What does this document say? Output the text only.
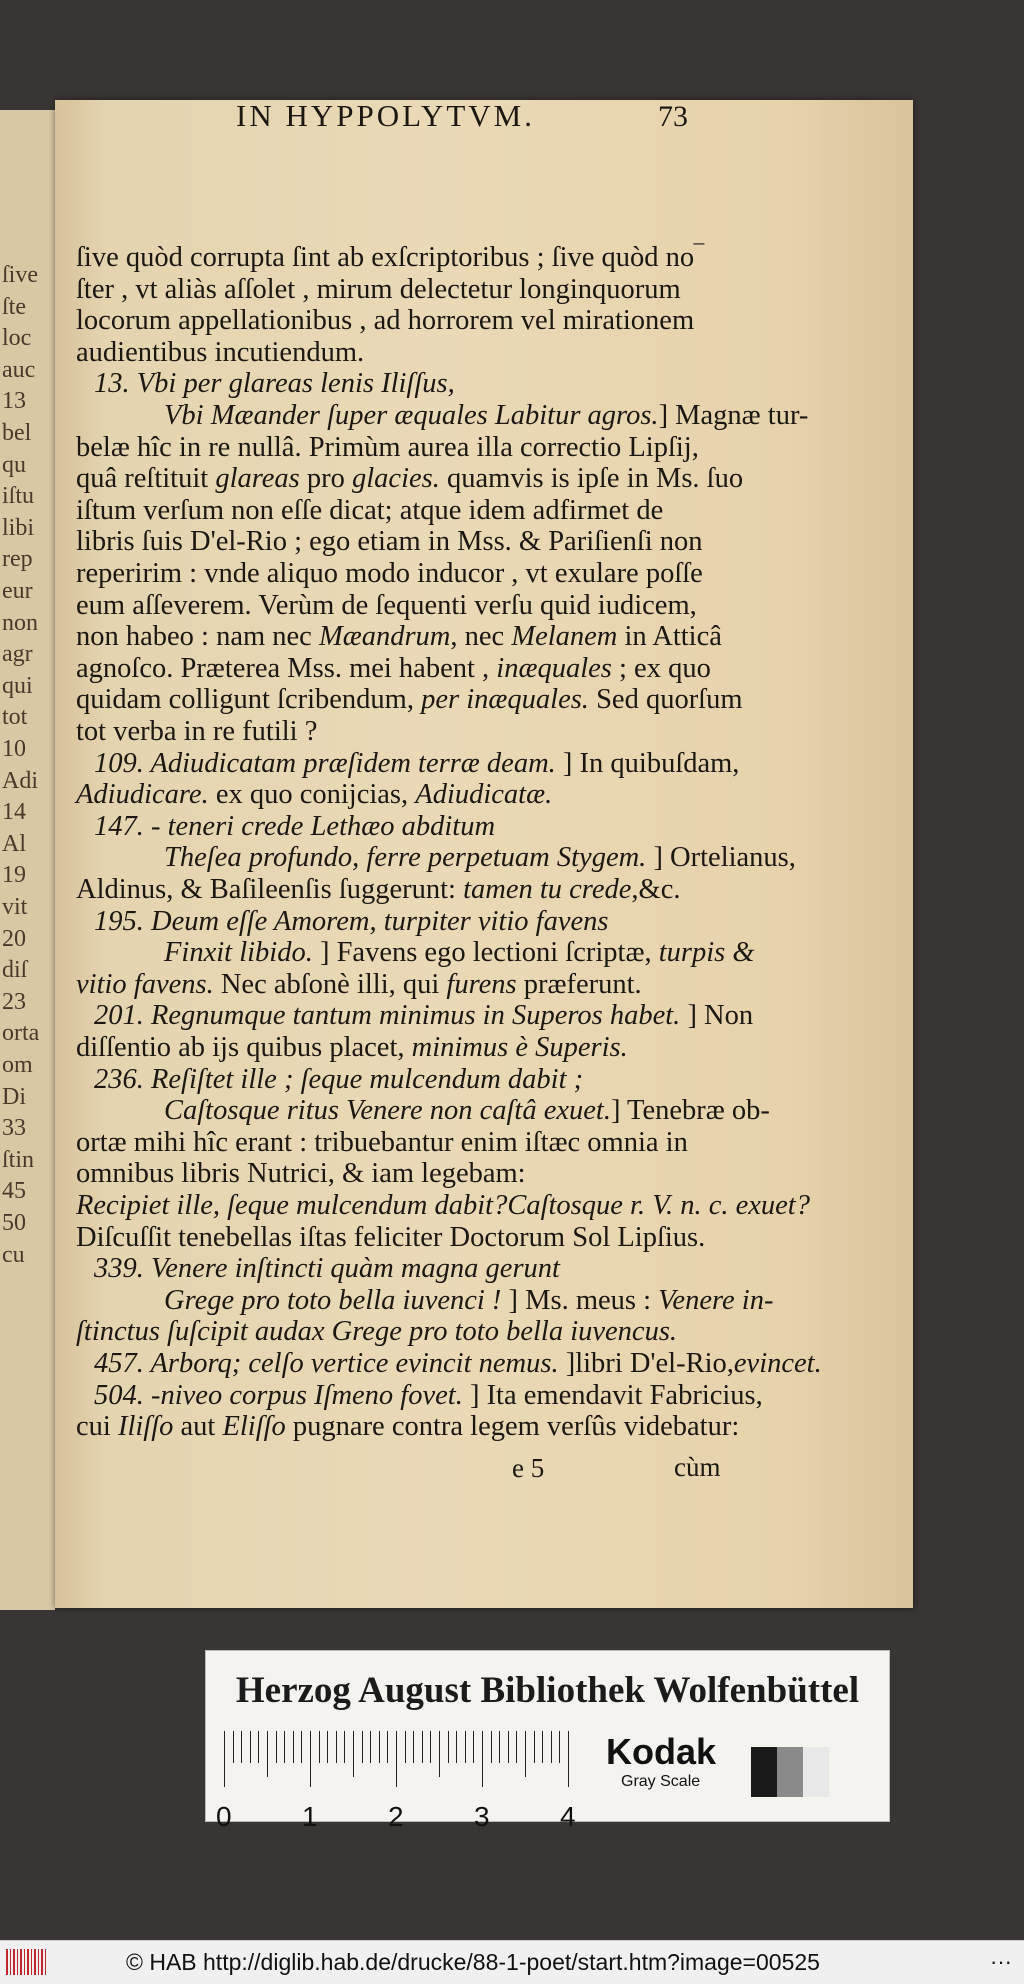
ſive
ſte
loc
auc
13
bel
qu
iſtu
libi
rep
eur
non
agr
qui
tot
10
Adi
14
Al
19
vit
20
diſ
23
orta
om
Di
33
ſtin
45
50
cu
IN HYPPOLYTVM.	73
ſive quòd corrupta ſint ab exſcriptoribus ; ſive quòd no‾
ſter , vt aliàs aſſolet , mirum delectetur longinquorum
locorum appellationibus , ad horrorem vel mirationem
audientibus incutiendum.
13. Vbi per glareas lenis Iliſſus,
Vbi Mæander ſuper æquales Labitur agros.] Magnæ tur-
belæ hîc in re nullâ. Primùm aurea illa correctio Lipſij,
quâ reſtituit glareas pro glacies. quamvis is ipſe in Ms. ſuo
iſtum verſum non eſſe dicat; atque idem adfirmet de
libris ſuis D'el-Rio ; ego etiam in Mss. & Pariſienſi non
reperirim : vnde aliquo modo inducor , vt exulare poſſe
eum aſſeverem. Verùm de ſequenti verſu quid iudicem,
non habeo : nam nec Mæandrum, nec Melanem in Atticâ
agnoſco. Præterea Mss. mei habent , inæquales ; ex quo
quidam colligunt ſcribendum, per inæquales. Sed quorſum
tot verba in re futili ?
109. Adiudicatam præſidem terræ deam. ] In quibuſdam,
Adiudicare. ex quo conijcias, Adiudicatæ.
147. - teneri crede Lethæo abditum
Theſea profundo, ferre perpetuam Stygem. ] Ortelianus,
Aldinus, & Baſileenſis ſuggerunt: tamen tu crede,&c.
195. Deum eſſe Amorem, turpiter vitio favens
Finxit libido. ] Favens ego lectioni ſcriptæ, turpis &
vitio favens. Nec abſonè illi, qui furens præferunt.
201. Regnumque tantum minimus in Superos habet. ] Non
diſſentio ab ijs quibus placet, minimus è Superis.
236. Reſiſtet ille ; ſeque mulcendum dabit ;
Caſtosque ritus Venere non caſtâ exuet.] Tenebræ ob-
ortæ mihi hîc erant : tribuebantur enim iſtæc omnia in
omnibus libris Nutrici, & iam legebam:
Recipiet ille, ſeque mulcendum dabit?Caſtosque r. V. n. c. exuet?
Diſcuſſit tenebellas iſtas feliciter Doctorum Sol Lipſius.
339. Venere inſtincti quàm magna gerunt
Grege pro toto bella iuvenci ! ] Ms. meus : Venere in-
ſtinctus ſuſcipit audax Grege pro toto bella iuvencus.
457. Arborq; celſo vertice evincit nemus. ]libri D'el-Rio,evincet.
504. -niveo corpus Iſmeno fovet. ] Ita emendavit Fabricius,
cui Iliſſo aut Eliſſo pugnare contra legem verſûs videbatur:
e 5	cùm
Herzog August Bibliothek Wolfenbüttel
0	1	2	3	4
Kodak
Gray Scale
© HAB http://diglib.hab.de/drucke/88-1-poet/start.htm?image=00525	···
